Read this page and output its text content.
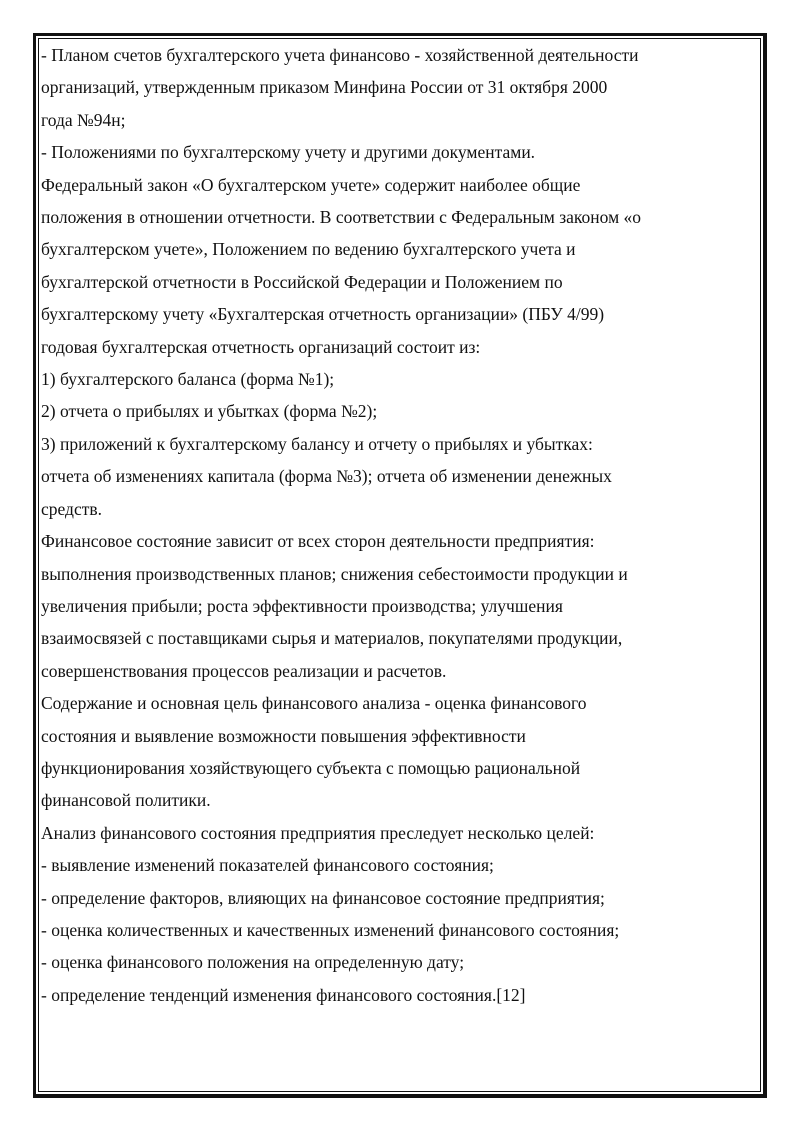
- Планом счетов бухгалтерского учета финансово - хозяйственной деятельности

организаций, утвержденным приказом Минфина России от 31 октября 2000

года №94н;

- Положениями по бухгалтерскому учету и другими документами.

Федеральный закон «О бухгалтерском учете» содержит наиболее общие

положения в отношении отчетности. В соответствии с Федеральным законом «о

бухгалтерском учете», Положением по ведению бухгалтерского учета и

бухгалтерской отчетности в Российской Федерации и Положением по

бухгалтерскому учету «Бухгалтерская отчетность организации» (ПБУ 4/99)

годовая бухгалтерская отчетность организаций состоит из:

1) бухгалтерского баланса (форма №1);

2) отчета о прибылях и убытках (форма №2);

3) приложений к бухгалтерскому балансу и отчету о прибылях и убытках:

отчета об изменениях капитала (форма №3); отчета об изменении денежных

средств.

Финансовое состояние зависит от всех сторон деятельности предприятия:

выполнения производственных планов; снижения себестоимости продукции и

увеличения прибыли; роста эффективности производства; улучшения

взаимосвязей с поставщиками сырья и материалов, покупателями продукции,

совершенствования процессов реализации и расчетов.

Содержание и основная цель финансового анализа - оценка финансового

состояния и выявление возможности повышения эффективности

функционирования хозяйствующего субъекта с помощью рациональной

финансовой политики.

Анализ финансового состояния предприятия преследует несколько целей:

- выявление изменений показателей финансового состояния;

- определение факторов, влияющих на финансовое состояние предприятия;

- оценка количественных и качественных изменений финансового состояния;

- оценка финансового положения на определенную дату;

- определение тенденций изменения финансового состояния.[12]
